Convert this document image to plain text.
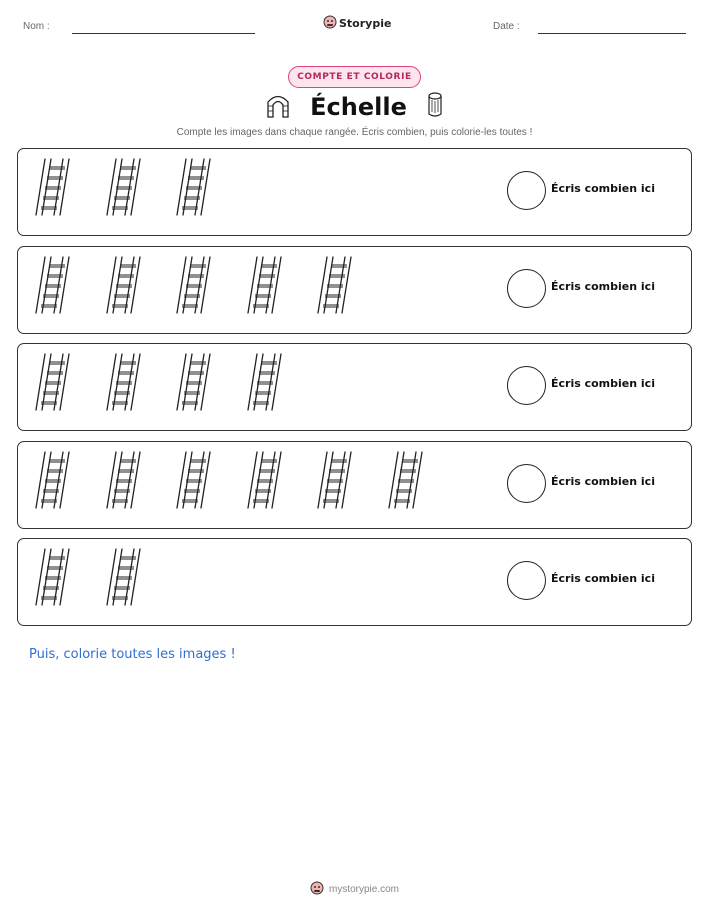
Nom :	Storypie	Date :
COMPTE ET COLORIE
Échelle
Compte les images dans chaque rangée. Écris combien, puis colorie-les toutes !
Écris combien ici
Écris combien ici
Écris combien ici
Écris combien ici
Écris combien ici
Puis, colorie toutes les images !
mystorypie.com
